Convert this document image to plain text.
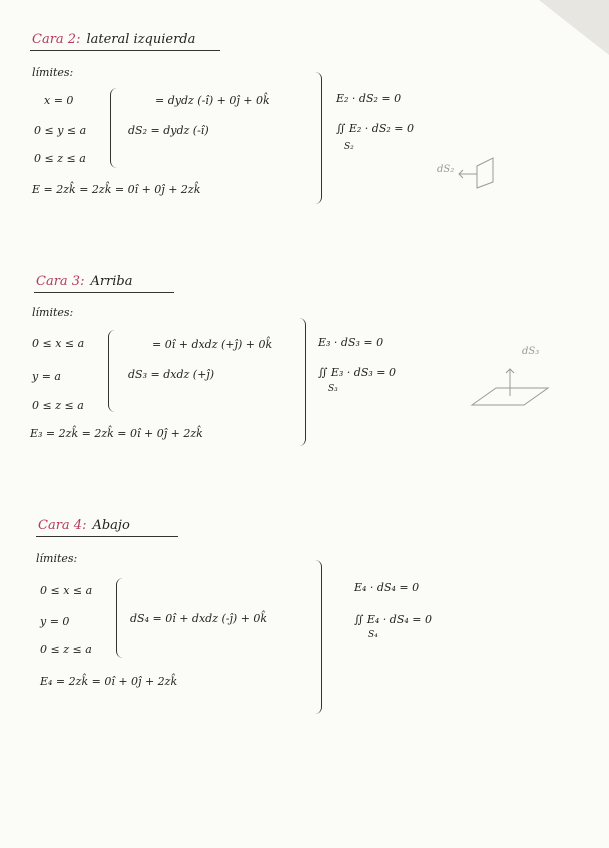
Cara 2: lateral izquierda
límites:
x = 0
0 ≤ y ≤ a
0 ≤ z ≤ a
= dydz (-î) + 0ĵ + 0k̂
dS₂ = dydz (-î)
E = 2zk̂ = 2zk̂ = 0î + 0ĵ + 2zk̂
E₂ · dS₂ = 0
∬ E₂ · dS₂ = 0
S₂
dS₂
Cara 3: Arriba
límites:
0 ≤ x ≤ a
y = a
0 ≤ z ≤ a
= 0î + dxdz (+ĵ) + 0k̂
dS₃ = dxdz (+ĵ)
E₃ = 2zk̂ = 2zk̂ = 0î + 0ĵ + 2zk̂
E₃ · dS₃ = 0
∬ E₃ · dS₃ = 0
S₃
dS₃
Cara 4: Abajo
límites:
0 ≤ x ≤ a
y = 0
0 ≤ z ≤ a
dS₄ = 0î + dxdz (-ĵ) + 0k̂
E₄ = 2zk̂ = 0î + 0ĵ + 2zk̂
E₄ · dS₄ = 0
∬ E₄ · dS₄ = 0
S₄
